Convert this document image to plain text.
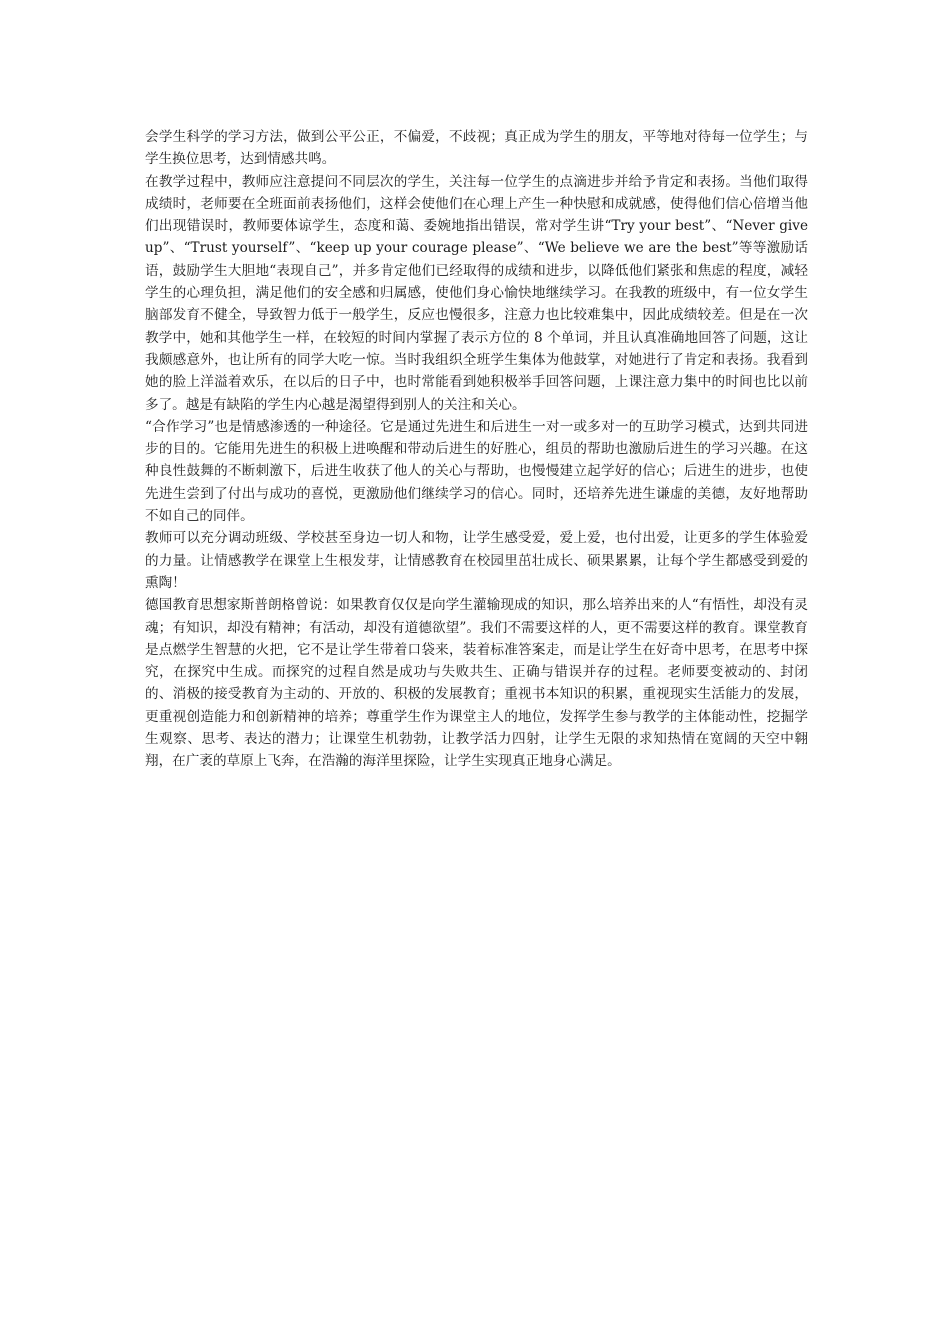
会学生科学的学习方法，做到公平公正，不偏爱，不歧视；真正成为学生的朋友，平等地对待每一位学生；与学生换位思考，达到情感共鸣。

在教学过程中，教师应注意提问不同层次的学生，关注每一位学生的点滴进步并给予肯定和表扬。当他们取得成绩时，老师要在全班面前表扬他们，这样会使他们在心理上产生一种快慰和成就感，使得他们信心倍增当他们出现错误时，教师要体谅学生，态度和蔼、委婉地指出错误，常对学生讲“Try your best”、“Never give up”、“Trust yourself”、“keep up your courage please”、“We believe we are the best”等等激励话语，鼓励学生大胆地“表现自己”，并多肯定他们已经取得的成绩和进步，以降低他们紧张和焦虑的程度，减轻学生的心理负担，满足他们的安全感和归属感，使他们身心愉快地继续学习。在我教的班级中，有一位女学生脑部发育不健全，导致智力低于一般学生，反应也慢很多，注意力也比较难集中，因此成绩较差。但是在一次教学中，她和其他学生一样，在较短的时间内掌握了表示方位的 8 个单词，并且认真准确地回答了问题，这让我颇感意外，也让所有的同学大吃一惊。当时我组织全班学生集体为他鼓掌，对她进行了肯定和表扬。我看到她的脸上洋溢着欢乐，在以后的日子中，也时常能看到她积极举手回答问题，上课注意力集中的时间也比以前多了。越是有缺陷的学生内心越是渴望得到别人的关注和关心。

“合作学习”也是情感渗透的一种途径。它是通过先进生和后进生一对一或多对一的互助学习模式，达到共同进步的目的。它能用先进生的积极上进唤醒和带动后进生的好胜心，组员的帮助也激励后进生的学习兴趣。在这种良性鼓舞的不断刺激下，后进生收获了他人的关心与帮助，也慢慢建立起学好的信心；后进生的进步，也使先进生尝到了付出与成功的喜悦，更激励他们继续学习的信心。同时，还培养先进生谦虚的美德，友好地帮助不如自己的同伴。

教师可以充分调动班级、学校甚至身边一切人和物，让学生感受爱，爱上爱，也付出爱，让更多的学生体验爱的力量。让情感教学在课堂上生根发芽，让情感教育在校园里茁壮成长、硕果累累，让每个学生都感受到爱的熏陶！

德国教育思想家斯普朗格曾说：如果教育仅仅是向学生灌输现成的知识，那么培养出来的人“有悟性，却没有灵魂；有知识，却没有精神；有活动，却没有道德欲望”。我们不需要这样的人，更不需要这样的教育。课堂教育是点燃学生智慧的火把，它不是让学生带着口袋来，装着标准答案走，而是让学生在好奇中思考，在思考中探究，在探究中生成。而探究的过程自然是成功与失败共生、正确与错误并存的过程。老师要变被动的、封闭的、消极的接受教育为主动的、开放的、积极的发展教育；重视书本知识的积累，重视现实生活能力的发展，更重视创造能力和创新精神的培养；尊重学生作为课堂主人的地位，发挥学生参与教学的主体能动性，挖掘学生观察、思考、表达的潜力；让课堂生机勃勃，让教学活力四射，让学生无限的求知热情在宽阔的天空中翱翔，在广袤的草原上飞奔，在浩瀚的海洋里探险，让学生实现真正地身心满足。
